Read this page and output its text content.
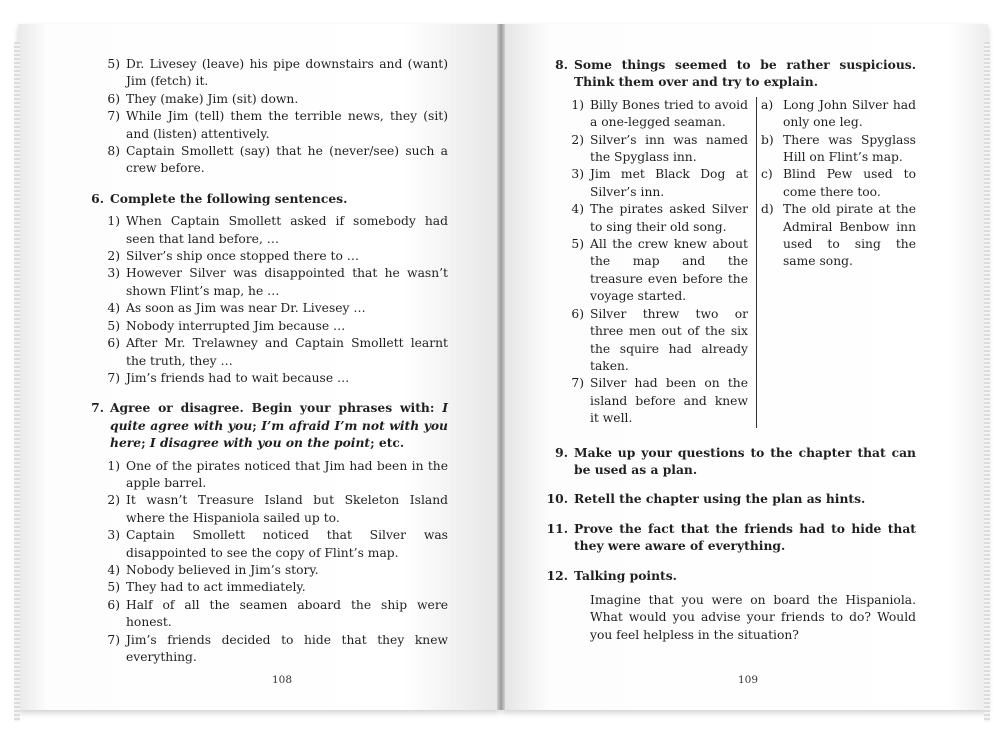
5) Dr. Livesey (leave) his pipe downstairs and (want) Jim (fetch) it.
6) They (make) Jim (sit) down.
7) While Jim (tell) them the terrible news, they (sit) and (listen) attentively.
8) Captain Smollett (say) that he (never/see) such a crew before.
6. Complete the following sentences.
1) When Captain Smollett asked if somebody had seen that land before, …
2) Silver’s ship once stopped there to …
3) However Silver was disappointed that he wasn’t shown Flint’s map, he …
4) As soon as Jim was near Dr. Livesey …
5) Nobody interrupted Jim because …
6) After Mr. Trelawney and Captain Smollett learnt the truth, they …
7) Jim’s friends had to wait because …
7. Agree or disagree. Begin your phrases with: I quite agree with you; I’m afraid I’m not with you here; I disagree with you on the point; etc.
1) One of the pirates noticed that Jim had been in the apple barrel.
2) It wasn’t Treasure Island but Skeleton Island where the Hispaniola sailed up to.
3) Captain Smollett noticed that Silver was disappointed to see the copy of Flint’s map.
4) Nobody believed in Jim’s story.
5) They had to act immediately.
6) Half of all the seamen aboard the ship were honest.
7) Jim’s friends decided to hide that they knew everything.
8. Some things seemed to be rather suspicious. Think them over and try to explain.
1) Billy Bones tried to avoid a one-legged seaman.
2) Silver’s inn was named the Spyglass inn.
3) Jim met Black Dog at Silver’s inn.
4) The pirates asked Silver to sing their old song.
5) All the crew knew about the map and the treasure even before the voyage started.
6) Silver threw two or three men out of the six the squire had already taken.
7) Silver had been on the island before and knew it well.
a) Long John Silver had only one leg.
b) There was Spyglass Hill on Flint’s map.
c) Blind Pew used to come there too.
d) The old pirate at the Admiral Benbow inn used to sing the same song.
9. Make up your questions to the chapter that can be used as a plan.
10. Retell the chapter using the plan as hints.
11. Prove the fact that the friends had to hide that they were aware of everything.
12. Talking points.
Imagine that you were on board the Hispaniola. What would you advise your friends to do? Would you feel helpless in the situation?
108	109
